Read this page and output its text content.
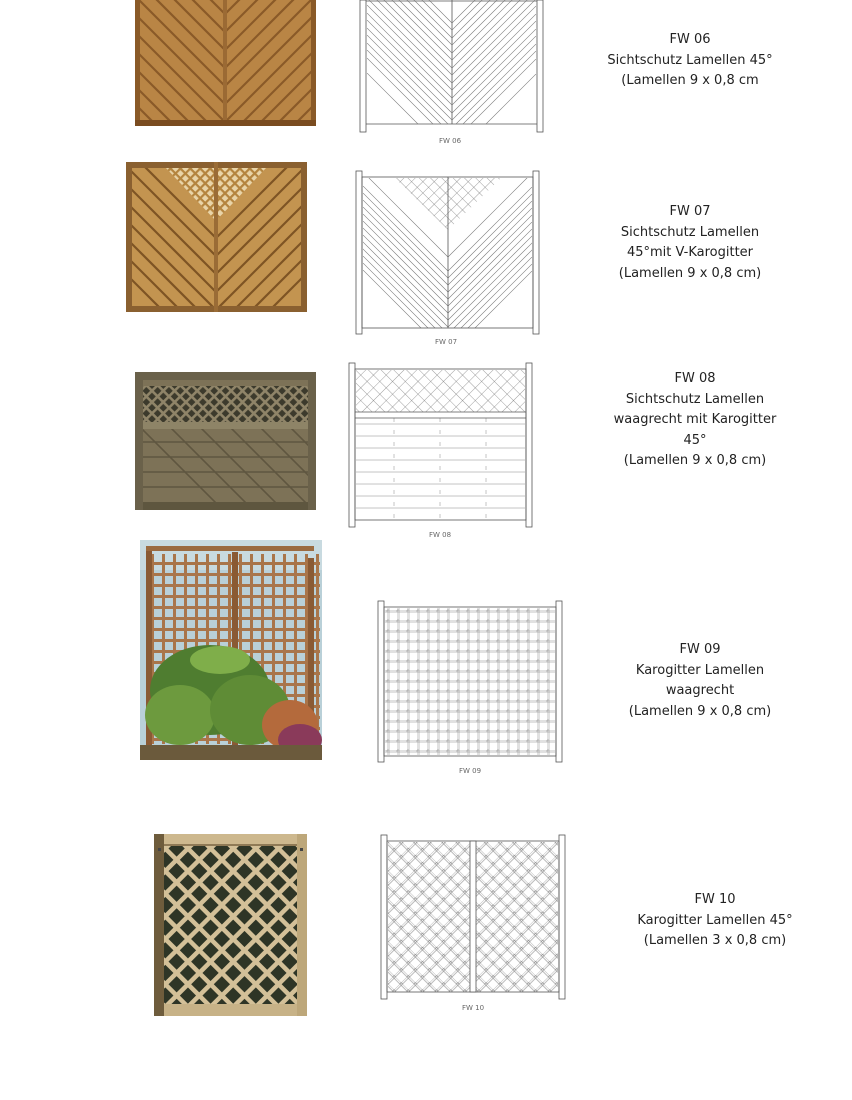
FW 06
FW 06
Sichtschutz Lamellen 45°
(Lamellen 9 x 0,8 cm
FW 07
FW 07
Sichtschutz Lamellen
45°mit V-Karogitter
(Lamellen 9 x 0,8 cm)
FW 08
FW 08
Sichtschutz Lamellen
waagrecht mit Karogitter
45°
(Lamellen 9 x 0,8 cm)
FW 09
FW 09
Karogitter Lamellen
waagrecht
(Lamellen 9 x 0,8 cm)
FW 10
FW 10
Karogitter Lamellen 45°
(Lamellen 3 x 0,8 cm)
